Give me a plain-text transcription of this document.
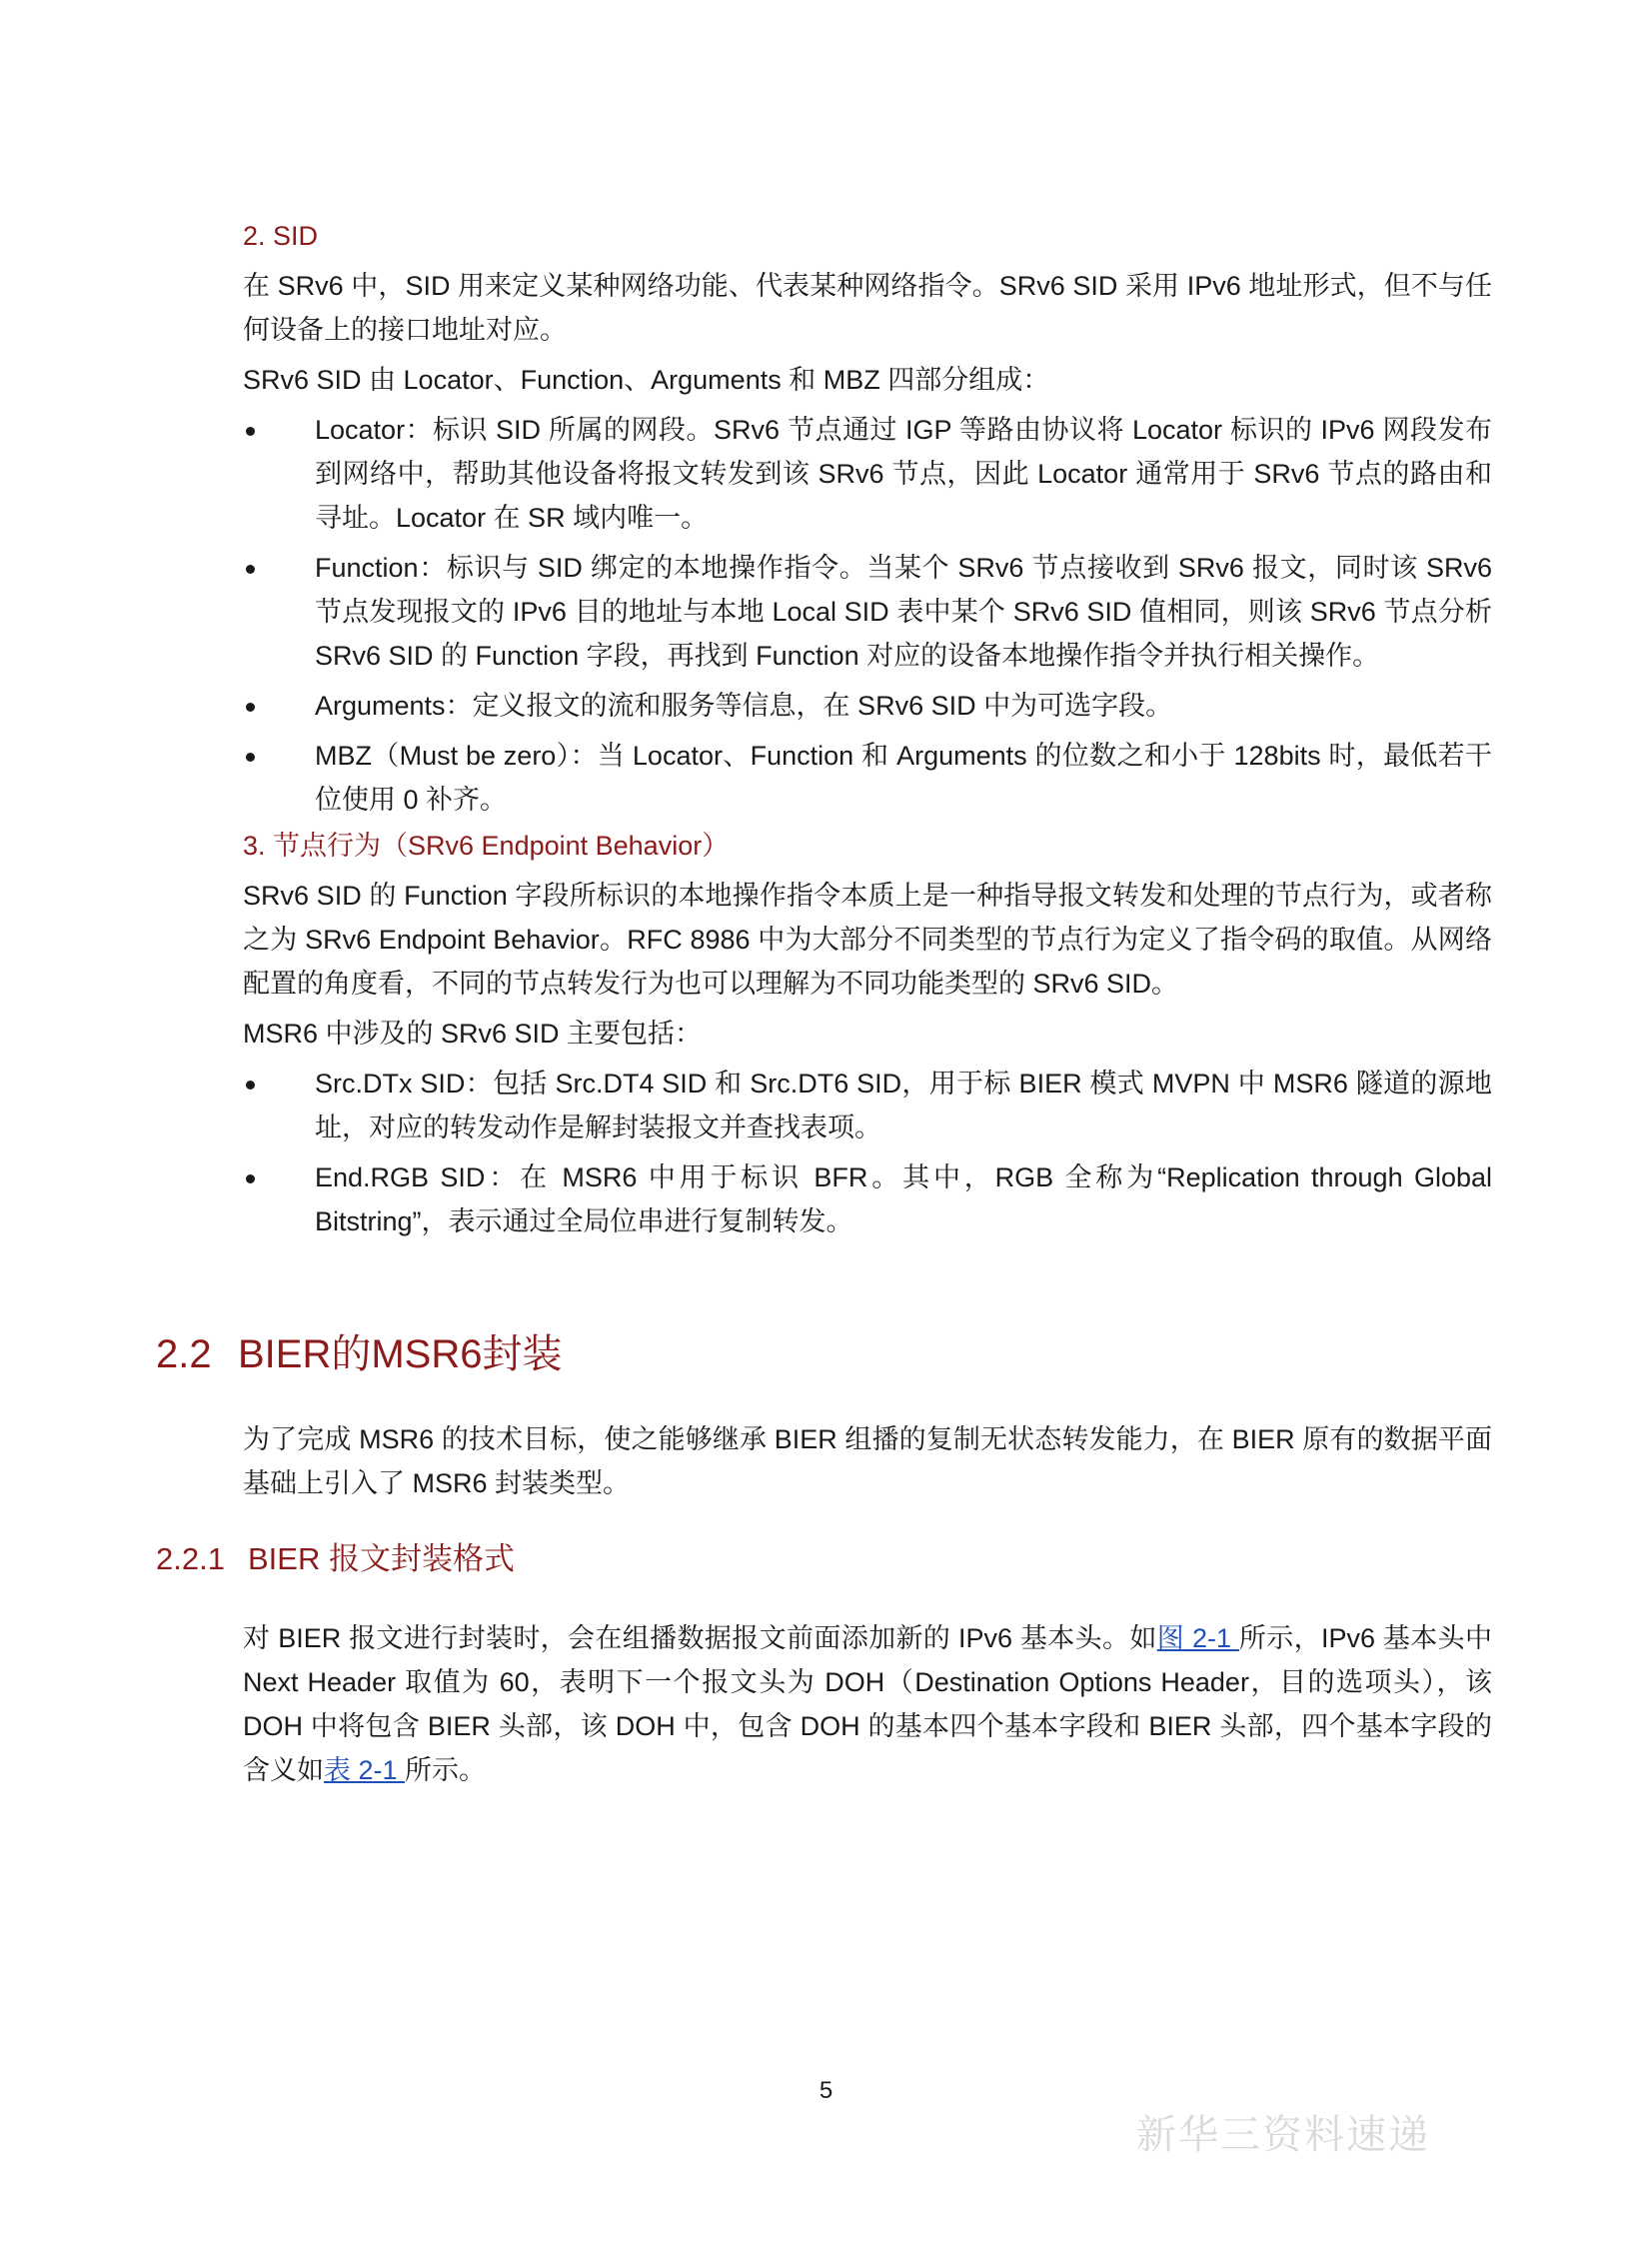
2. SID

在 SRv6 中，SID 用来定义某种网络功能、代表某种网络指令。SRv6 SID 采用 IPv6 地址形式，但不与任何设备上的接口地址对应。

SRv6 SID 由 Locator、Function、Arguments 和 MBZ 四部分组成：

Locator：标识 SID 所属的网段。SRv6 节点通过 IGP 等路由协议将 Locator 标识的 IPv6 网段发布到网络中，帮助其他设备将报文转发到该 SRv6 节点，因此 Locator 通常用于 SRv6 节点的路由和寻址。Locator 在 SR 域内唯一。
Function：标识与 SID 绑定的本地操作指令。当某个 SRv6 节点接收到 SRv6 报文，同时该 SRv6 节点发现报文的 IPv6 目的地址与本地 Local SID 表中某个 SRv6 SID 值相同，则该 SRv6 节点分析 SRv6 SID 的 Function 字段，再找到 Function 对应的设备本地操作指令并执行相关操作。
Arguments：定义报文的流和服务等信息，在 SRv6 SID 中为可选字段。
MBZ（Must be zero）：当 Locator、Function 和 Arguments 的位数之和小于 128bits 时，最低若干位使用 0 补齐。
3. 节点行为（SRv6 Endpoint Behavior）

SRv6 SID 的 Function 字段所标识的本地操作指令本质上是一种指导报文转发和处理的节点行为，或者称之为 SRv6 Endpoint Behavior。RFC 8986 中为大部分不同类型的节点行为定义了指令码的取值。从网络配置的角度看，不同的节点转发行为也可以理解为不同功能类型的 SRv6 SID。

MSR6 中涉及的 SRv6 SID 主要包括：

Src.DTx SID：包括 Src.DT4 SID 和 Src.DT6 SID，用于标 BIER 模式 MVPN 中 MSR6 隧道的源地址，对应的转发动作是解封装报文并查找表项。
End.RGB SID：在 MSR6 中用于标识 BFR。其中，RGB 全称为“Replication through Global Bitstring”，表示通过全局位串进行复制转发。
2.2 BIER的MSR6封装

为了完成 MSR6 的技术目标，使之能够继承 BIER 组播的复制无状态转发能力，在 BIER 原有的数据平面基础上引入了 MSR6 封装类型。

2.2.1 BIER 报文封装格式

对 BIER 报文进行封装时，会在组播数据报文前面添加新的 IPv6 基本头。如图 2-1 所示，IPv6 基本头中 Next Header 取值为 60，表明下一个报文头为 DOH（Destination Options Header，目的选项头），该 DOH 中将包含 BIER 头部，该 DOH 中，包含 DOH 的基本四个基本字段和 BIER 头部，四个基本字段的含义如表 2-1 所示。

5
新华三资料速递
